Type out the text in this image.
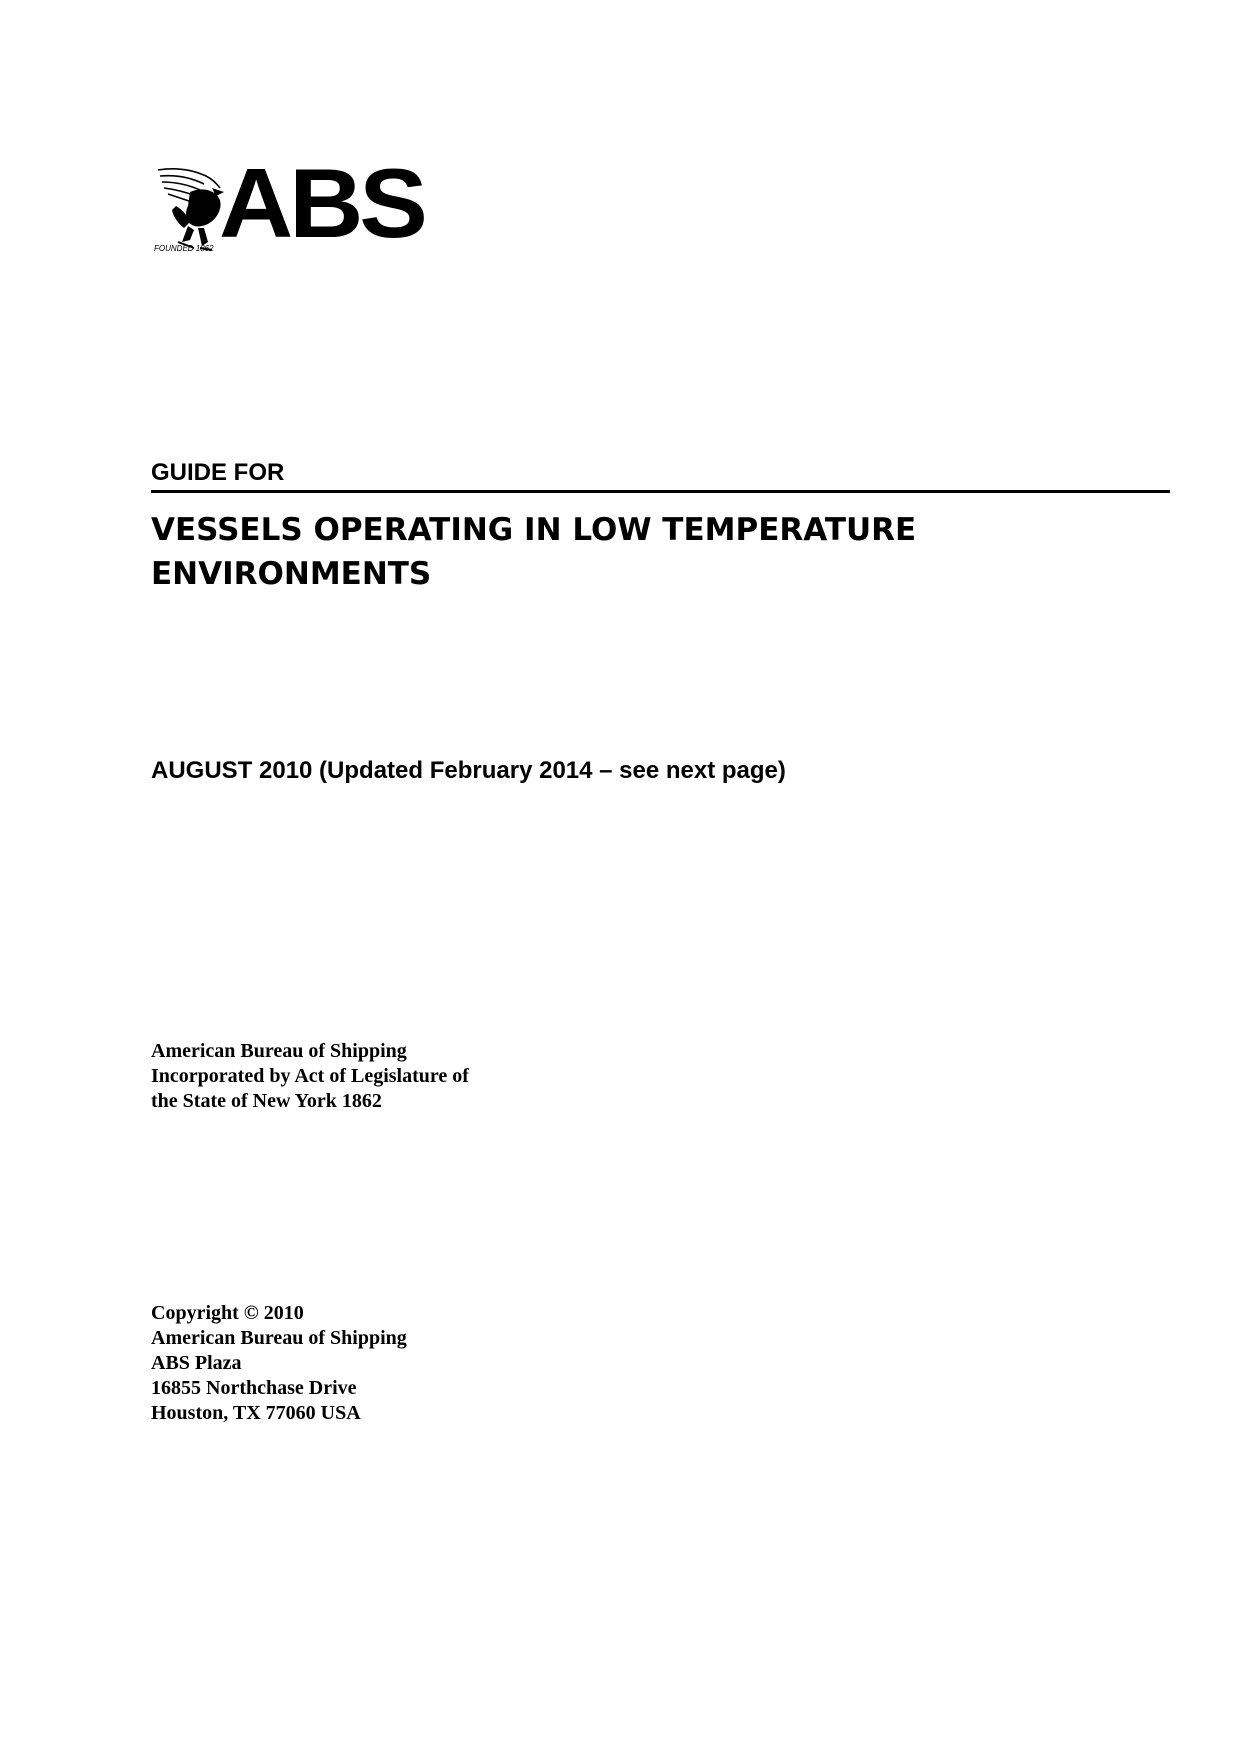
ABS
FOUNDED 1862
GUIDE FOR
VESSELS OPERATING IN LOW TEMPERATURE
ENVIRONMENTS
AUGUST 2010 (Updated February 2014 – see next page)
American Bureau of Shipping
Incorporated by Act of Legislature of
the State of New York 1862
Copyright © 2010
American Bureau of Shipping
ABS Plaza
16855 Northchase Drive
Houston, TX 77060 USA
